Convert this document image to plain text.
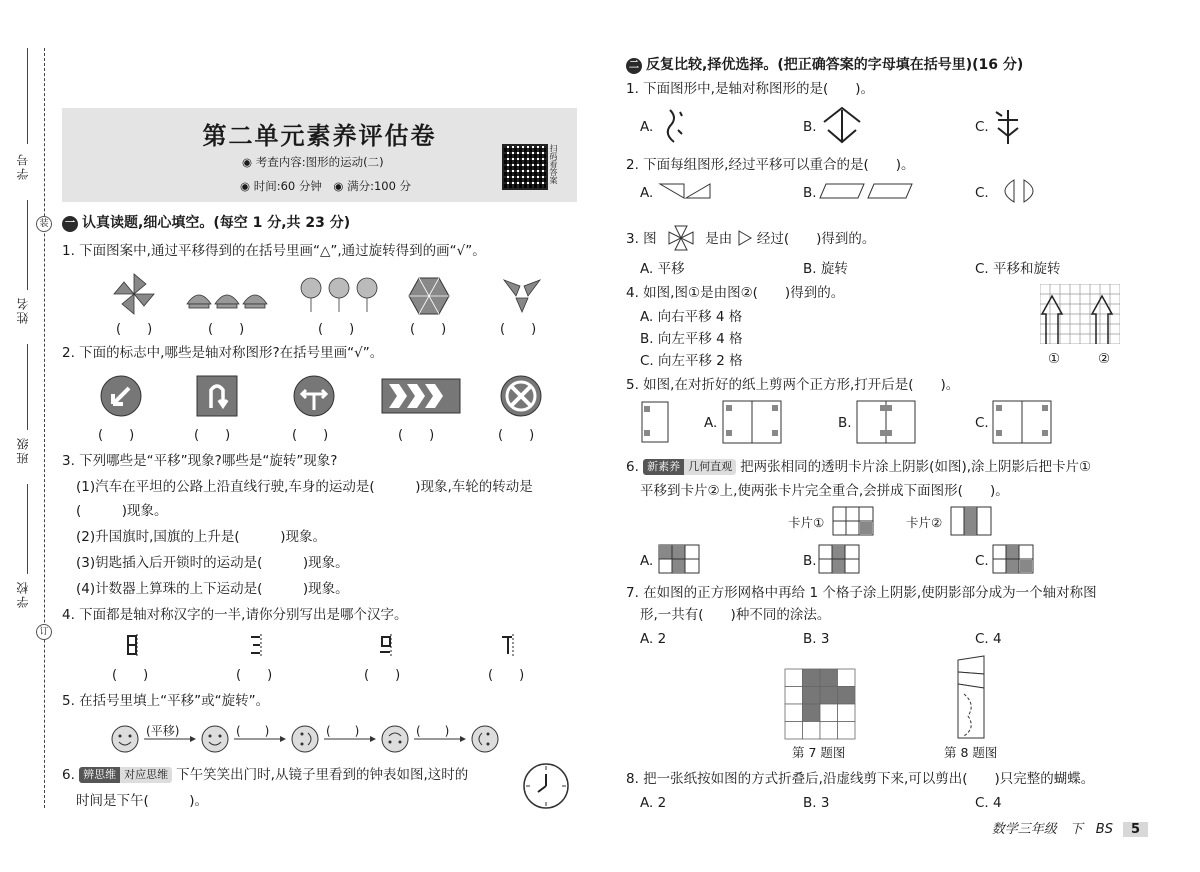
学号
姓名
班级
学校
装
订
第二单元素养评估卷
◉ 考查内容:图形的运动(二)
◉ 时间:60 分钟　◉ 满分:100 分
扫码看答案
一 认真读题,细心填空。(每空 1 分,共 23 分)
1. 下面图案中,通过平移得到的在括号里画“△”,通过旋转得到的画“√”。
(　　)	(　　)	(　　)	(　　)	(　　)
2. 下面的标志中,哪些是轴对称图形?在括号里画“√”。
(　　)	(　　)	(　　)	(　　)	(　　)
3. 下列哪些是“平移”现象?哪些是“旋转”现象?
(1)汽车在平坦的公路上沿直线行驶,车身的运动是(　　　	)现象,车轮的转动是
(　　　	)现象。
(2)升国旗时,国旗的上升是(　　　	)现象。
(3)钥匙插入后开锁时的运动是(　　　	)现象。
(4)计数器上算珠的上下运动是(　　　	)现象。
4. 下面都是轴对称汉字的一半,请你分别写出是哪个汉字。
(　　)	(　　)	(　　)	(　　)
5. 在括号里填上“平移”或“旋转”。
(平移)	(　　)	(　　)	(　　)
6. 辨思维 对应思维 下午笑笑出门时,从镜子里看到的钟表如图,这时的
时间是下午(　　　	)。
二 反复比较,择优选择。(把正确答案的字母填在括号里)(16 分)
1. 下面图形中,是轴对称图形的是(　　)。
A.	B.	C.
2. 下面每组图形,经过平移可以重合的是(　　)。
A.	B.	C.
3. 图	是由 经过(　　)得到的。
A. 平移	B. 旋转	C. 平移和旋转
4. 如图,图①是由图②(　　)得到的。
A. 向右平移 4 格
B. 向左平移 4 格
C. 向左平移 2 格	①	②
5. 如图,在对折好的纸上剪两个正方形,打开后是(　　)。
A.	B.	C.
6. 新素养 几何直观 把两张相同的透明卡片涂上阴影(如图),涂上阴影后把卡片①
平移到卡片②上,使两张卡片完全重合,会拼成下面图形(　　)。
卡片①	卡片②
A.	B.	C.
7. 在如图的正方形网格中再给 1 个格子涂上阴影,使阴影部分成为一个轴对称图
形,一共有(　　)种不同的涂法。
A. 2	B. 3	C. 4
第 7 题图	第 8 题图
8. 把一张纸按如图的方式折叠后,沿虚线剪下来,可以剪出(　　)只完整的蝴蝶。
A. 2	B. 3	C. 4
数学三年级　下　BS 5
